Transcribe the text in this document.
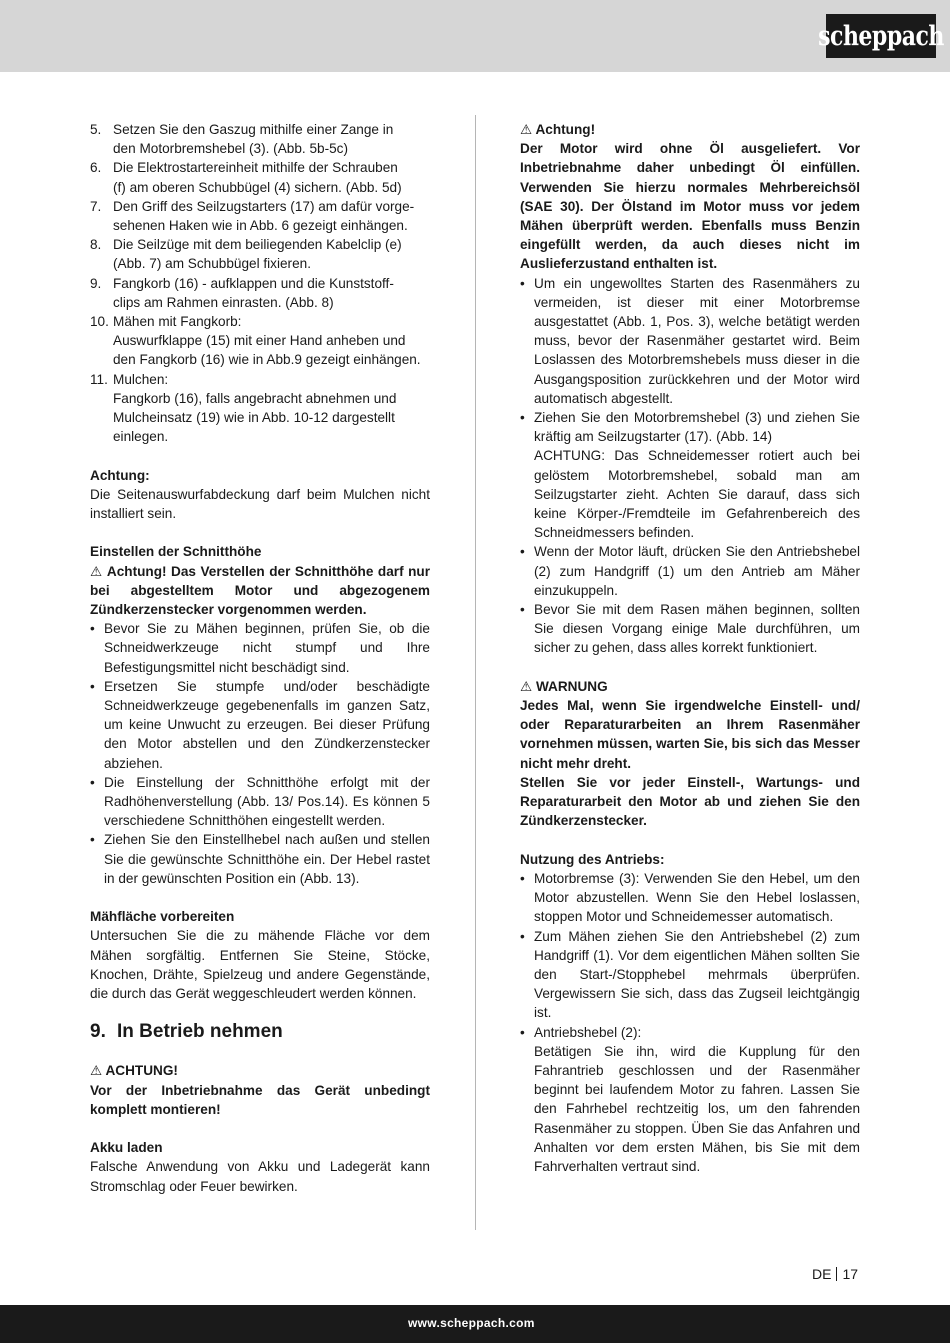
scheppach
5. Setzen Sie den Gaszug mithilfe einer Zange in
den Motorbremshebel (3). (Abb. 5b-5c)
6. Die Elektrostartereinheit mithilfe der Schrauben
(f) am oberen Schubbügel (4) sichern. (Abb. 5d)
7. Den Griff des Seilzugstarters (17) am dafür vorge-
sehenen Haken wie in Abb. 6 gezeigt einhängen.
8. Die Seilzüge mit dem beiliegenden Kabelclip (e)
(Abb. 7) am Schubbügel fixieren.
9. Fangkorb (16) - aufklappen und die Kunststoff-
clips am Rahmen einrasten. (Abb. 8)
10. Mähen mit Fangkorb:
Auswurfklappe (15) mit einer Hand anheben und
den Fangkorb (16) wie in Abb.9 gezeigt einhängen.
11. Mulchen:
Fangkorb (16), falls angebracht abnehmen und
Mulcheinsatz (19) wie in Abb. 10-12 dargestellt
einlegen.

Achtung:

Die Seitenauswurfabdeckung darf beim Mulchen nicht installiert sein.

Einstellen der Schnitthöhe

⚠ Achtung! Das Verstellen der Schnitthöhe darf nur bei abgestelltem Motor und abgezogenem Zündkerzenstecker vorgenommen werden.

• Bevor Sie zu Mähen beginnen, prüfen Sie, ob die Schneidwerkzeuge nicht stumpf und Ihre Befestigungsmittel nicht beschädigt sind.
• Ersetzen Sie stumpfe und/oder beschädigte Schneidwerkzeuge gegebenenfalls im ganzen Satz, um keine Unwucht zu erzeugen. Bei dieser Prüfung den Motor abstellen und den Zündkerzenstecker abziehen.
• Die Einstellung der Schnitthöhe erfolgt mit der Radhöhenverstellung (Abb. 13/ Pos.14). Es können 5 verschiedene Schnitthöhen eingestellt werden.
• Ziehen Sie den Einstellhebel nach außen und stellen Sie die gewünschte Schnitthöhe ein. Der Hebel rastet in der gewünschten Position ein (Abb. 13).

Mähfläche vorbereiten

Untersuchen Sie die zu mähende Fläche vor dem Mähen sorgfältig. Entfernen Sie Steine, Stöcke, Knochen, Drähte, Spielzeug und andere Gegenstände, die durch das Gerät weggeschleudert werden können.

9. In Betrieb nehmen

⚠ ACHTUNG!

Vor der Inbetriebnahme das Gerät unbedingt komplett montieren!

Akku laden

Falsche Anwendung von Akku und Ladegerät kann Stromschlag oder Feuer bewirken.

⚠ Achtung!

Der Motor wird ohne Öl ausgeliefert. Vor Inbetriebnahme daher unbedingt Öl einfüllen. Verwenden Sie hierzu normales Mehrbereichsöl (SAE 30). Der Ölstand im Motor muss vor jedem Mähen überprüft werden. Ebenfalls muss Benzin eingefüllt werden, da auch dieses nicht im Auslieferzustand enthalten ist.

• Um ein ungewolltes Starten des Rasenmähers zu vermeiden, ist dieser mit einer Motorbremse ausgestattet (Abb. 1, Pos. 3), welche betätigt werden muss, bevor der Rasenmäher gestartet wird. Beim Loslassen des Motorbremshebels muss dieser in die Ausgangsposition zurückkehren und der Motor wird automatisch abgestellt.
• Ziehen Sie den Motorbremshebel (3) und ziehen Sie kräftig am Seilzugstarter (17). (Abb. 14)
ACHTUNG: Das Schneidemesser rotiert auch bei gelöstem Motorbremshebel, sobald man am Seilzugstarter zieht. Achten Sie darauf, dass sich keine Körper-/Fremdteile im Gefahrenbereich des Schneidmessers befinden.
• Wenn der Motor läuft, drücken Sie den Antriebshebel (2) zum Handgriff (1) um den Antrieb am Mäher einzukuppeln.
• Bevor Sie mit dem Rasen mähen beginnen, sollten Sie diesen Vorgang einige Male durchführen, um sicher zu gehen, dass alles korrekt funktioniert.

⚠ WARNUNG

Jedes Mal, wenn Sie irgendwelche Einstell- und/ oder Reparaturarbeiten an Ihrem Rasenmäher vornehmen müssen, warten Sie, bis sich das Messer nicht mehr dreht.

Stellen Sie vor jeder Einstell-, Wartungs- und Reparaturarbeit den Motor ab und ziehen Sie den Zündkerzenstecker.

Nutzung des Antriebs:

• Motorbremse (3): Verwenden Sie den Hebel, um den Motor abzustellen. Wenn Sie den Hebel loslassen, stoppen Motor und Schneidemesser automatisch.
• Zum Mähen ziehen Sie den Antriebshebel (2) zum Handgriff (1). Vor dem eigentlichen Mähen sollten Sie den Start-/Stopphebel mehrmals überprüfen. Vergewissern Sie sich, dass das Zugseil leichtgängig ist.
• Antriebshebel (2):
Betätigen Sie ihn, wird die Kupplung für den Fahrantrieb geschlossen und der Rasenmäher beginnt bei laufendem Motor zu fahren. Lassen Sie den Fahrhebel rechtzeitig los, um den fahrenden Rasenmäher zu stoppen. Üben Sie das Anfahren und Anhalten vor dem ersten Mähen, bis Sie mit dem Fahrverhalten vertraut sind.
DE 17
www.scheppach.com
